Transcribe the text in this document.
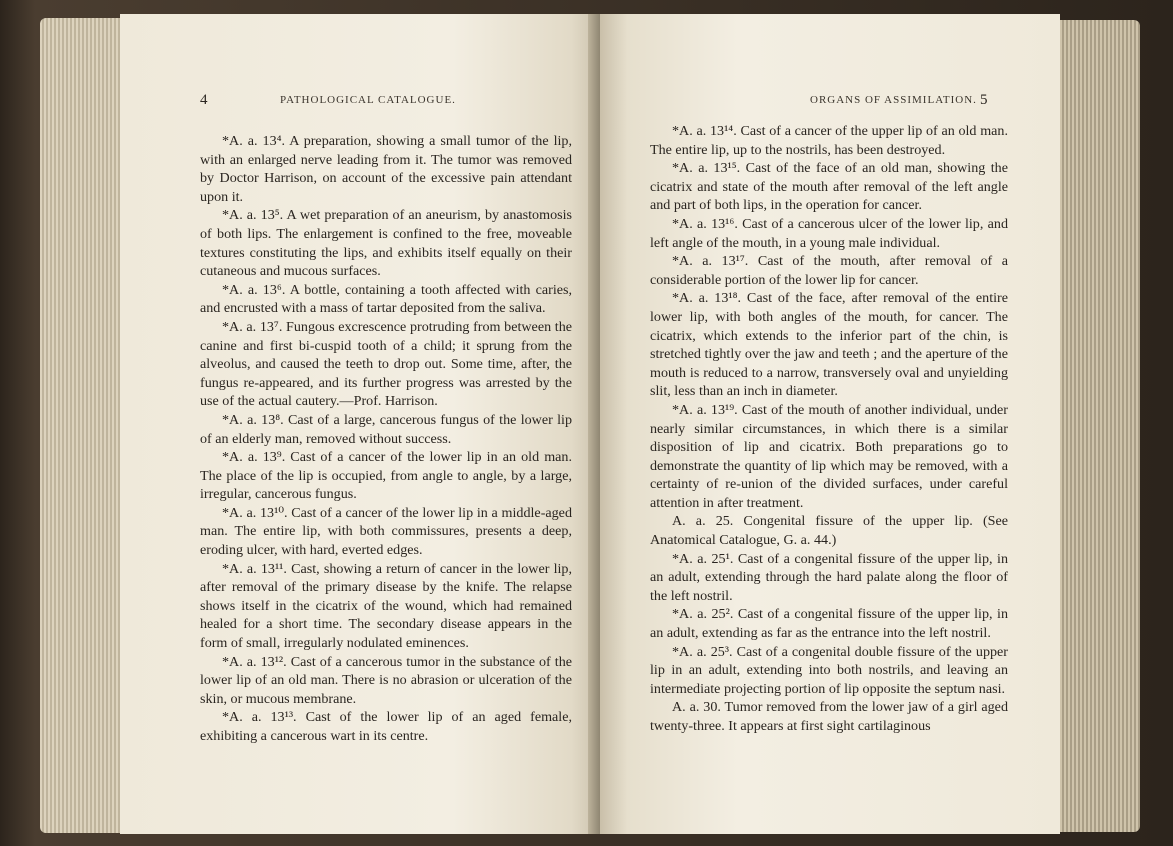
4	PATHOLOGICAL CATALOGUE.

*A. a. 13⁴. A preparation, showing a small tumor of the lip, with an enlarged nerve leading from it. The tumor was removed by Doctor Harrison, on account of the excessive pain attendant upon it.

*A. a. 13⁵. A wet preparation of an aneurism, by anastomosis of both lips. The enlargement is confined to the free, moveable textures constituting the lips, and exhibits itself equally on their cutaneous and mucous surfaces.

*A. a. 13⁶. A bottle, containing a tooth affected with caries, and encrusted with a mass of tartar deposited from the saliva.

*A. a. 13⁷. Fungous excrescence protruding from between the canine and first bi-cuspid tooth of a child; it sprung from the alveolus, and caused the teeth to drop out. Some time, after, the fungus re-appeared, and its further progress was arrested by the use of the actual cautery.—Prof. Harrison.

*A. a. 13⁸. Cast of a large, cancerous fungus of the lower lip of an elderly man, removed without success.

*A. a. 13⁹. Cast of a cancer of the lower lip in an old man. The place of the lip is occupied, from angle to angle, by a large, irregular, cancerous fungus.

*A. a. 13¹⁰. Cast of a cancer of the lower lip in a middle-aged man. The entire lip, with both commissures, presents a deep, eroding ulcer, with hard, everted edges.

*A. a. 13¹¹. Cast, showing a return of cancer in the lower lip, after removal of the primary disease by the knife. The relapse shows itself in the cicatrix of the wound, which had remained healed for a short time. The secondary disease appears in the form of small, irregularly nodulated eminences.

*A. a. 13¹². Cast of a cancerous tumor in the substance of the lower lip of an old man. There is no abrasion or ulceration of the skin, or mucous membrane.

*A. a. 13¹³. Cast of the lower lip of an aged female, exhibiting a cancerous wart in its centre.

ORGANS OF ASSIMILATION. 5

*A. a. 13¹⁴. Cast of a cancer of the upper lip of an old man. The entire lip, up to the nostrils, has been destroyed.

*A. a. 13¹⁵. Cast of the face of an old man, showing the cicatrix and state of the mouth after removal of the left angle and part of both lips, in the operation for cancer.

*A. a. 13¹⁶. Cast of a cancerous ulcer of the lower lip, and left angle of the mouth, in a young male individual.

*A. a. 13¹⁷. Cast of the mouth, after removal of a considerable portion of the lower lip for cancer.

*A. a. 13¹⁸. Cast of the face, after removal of the entire lower lip, with both angles of the mouth, for cancer. The cicatrix, which extends to the inferior part of the chin, is stretched tightly over the jaw and teeth ; and the aperture of the mouth is reduced to a narrow, transversely oval and unyielding slit, less than an inch in diameter.

*A. a. 13¹⁹. Cast of the mouth of another individual, under nearly similar circumstances, in which there is a similar disposition of lip and cicatrix. Both preparations go to demonstrate the quantity of lip which may be removed, with a certainty of re-union of the divided surfaces, under careful attention in after treatment.

A. a. 25. Congenital fissure of the upper lip. (See Anatomical Catalogue, G. a. 44.)

*A. a. 25¹. Cast of a congenital fissure of the upper lip, in an adult, extending through the hard palate along the floor of the left nostril.

*A. a. 25². Cast of a congenital fissure of the upper lip, in an adult, extending as far as the entrance into the left nostril.

*A. a. 25³. Cast of a congenital double fissure of the upper lip in an adult, extending into both nostrils, and leaving an intermediate projecting portion of lip opposite the septum nasi.

A. a. 30. Tumor removed from the lower jaw of a girl aged twenty-three. It appears at first sight cartilaginous
